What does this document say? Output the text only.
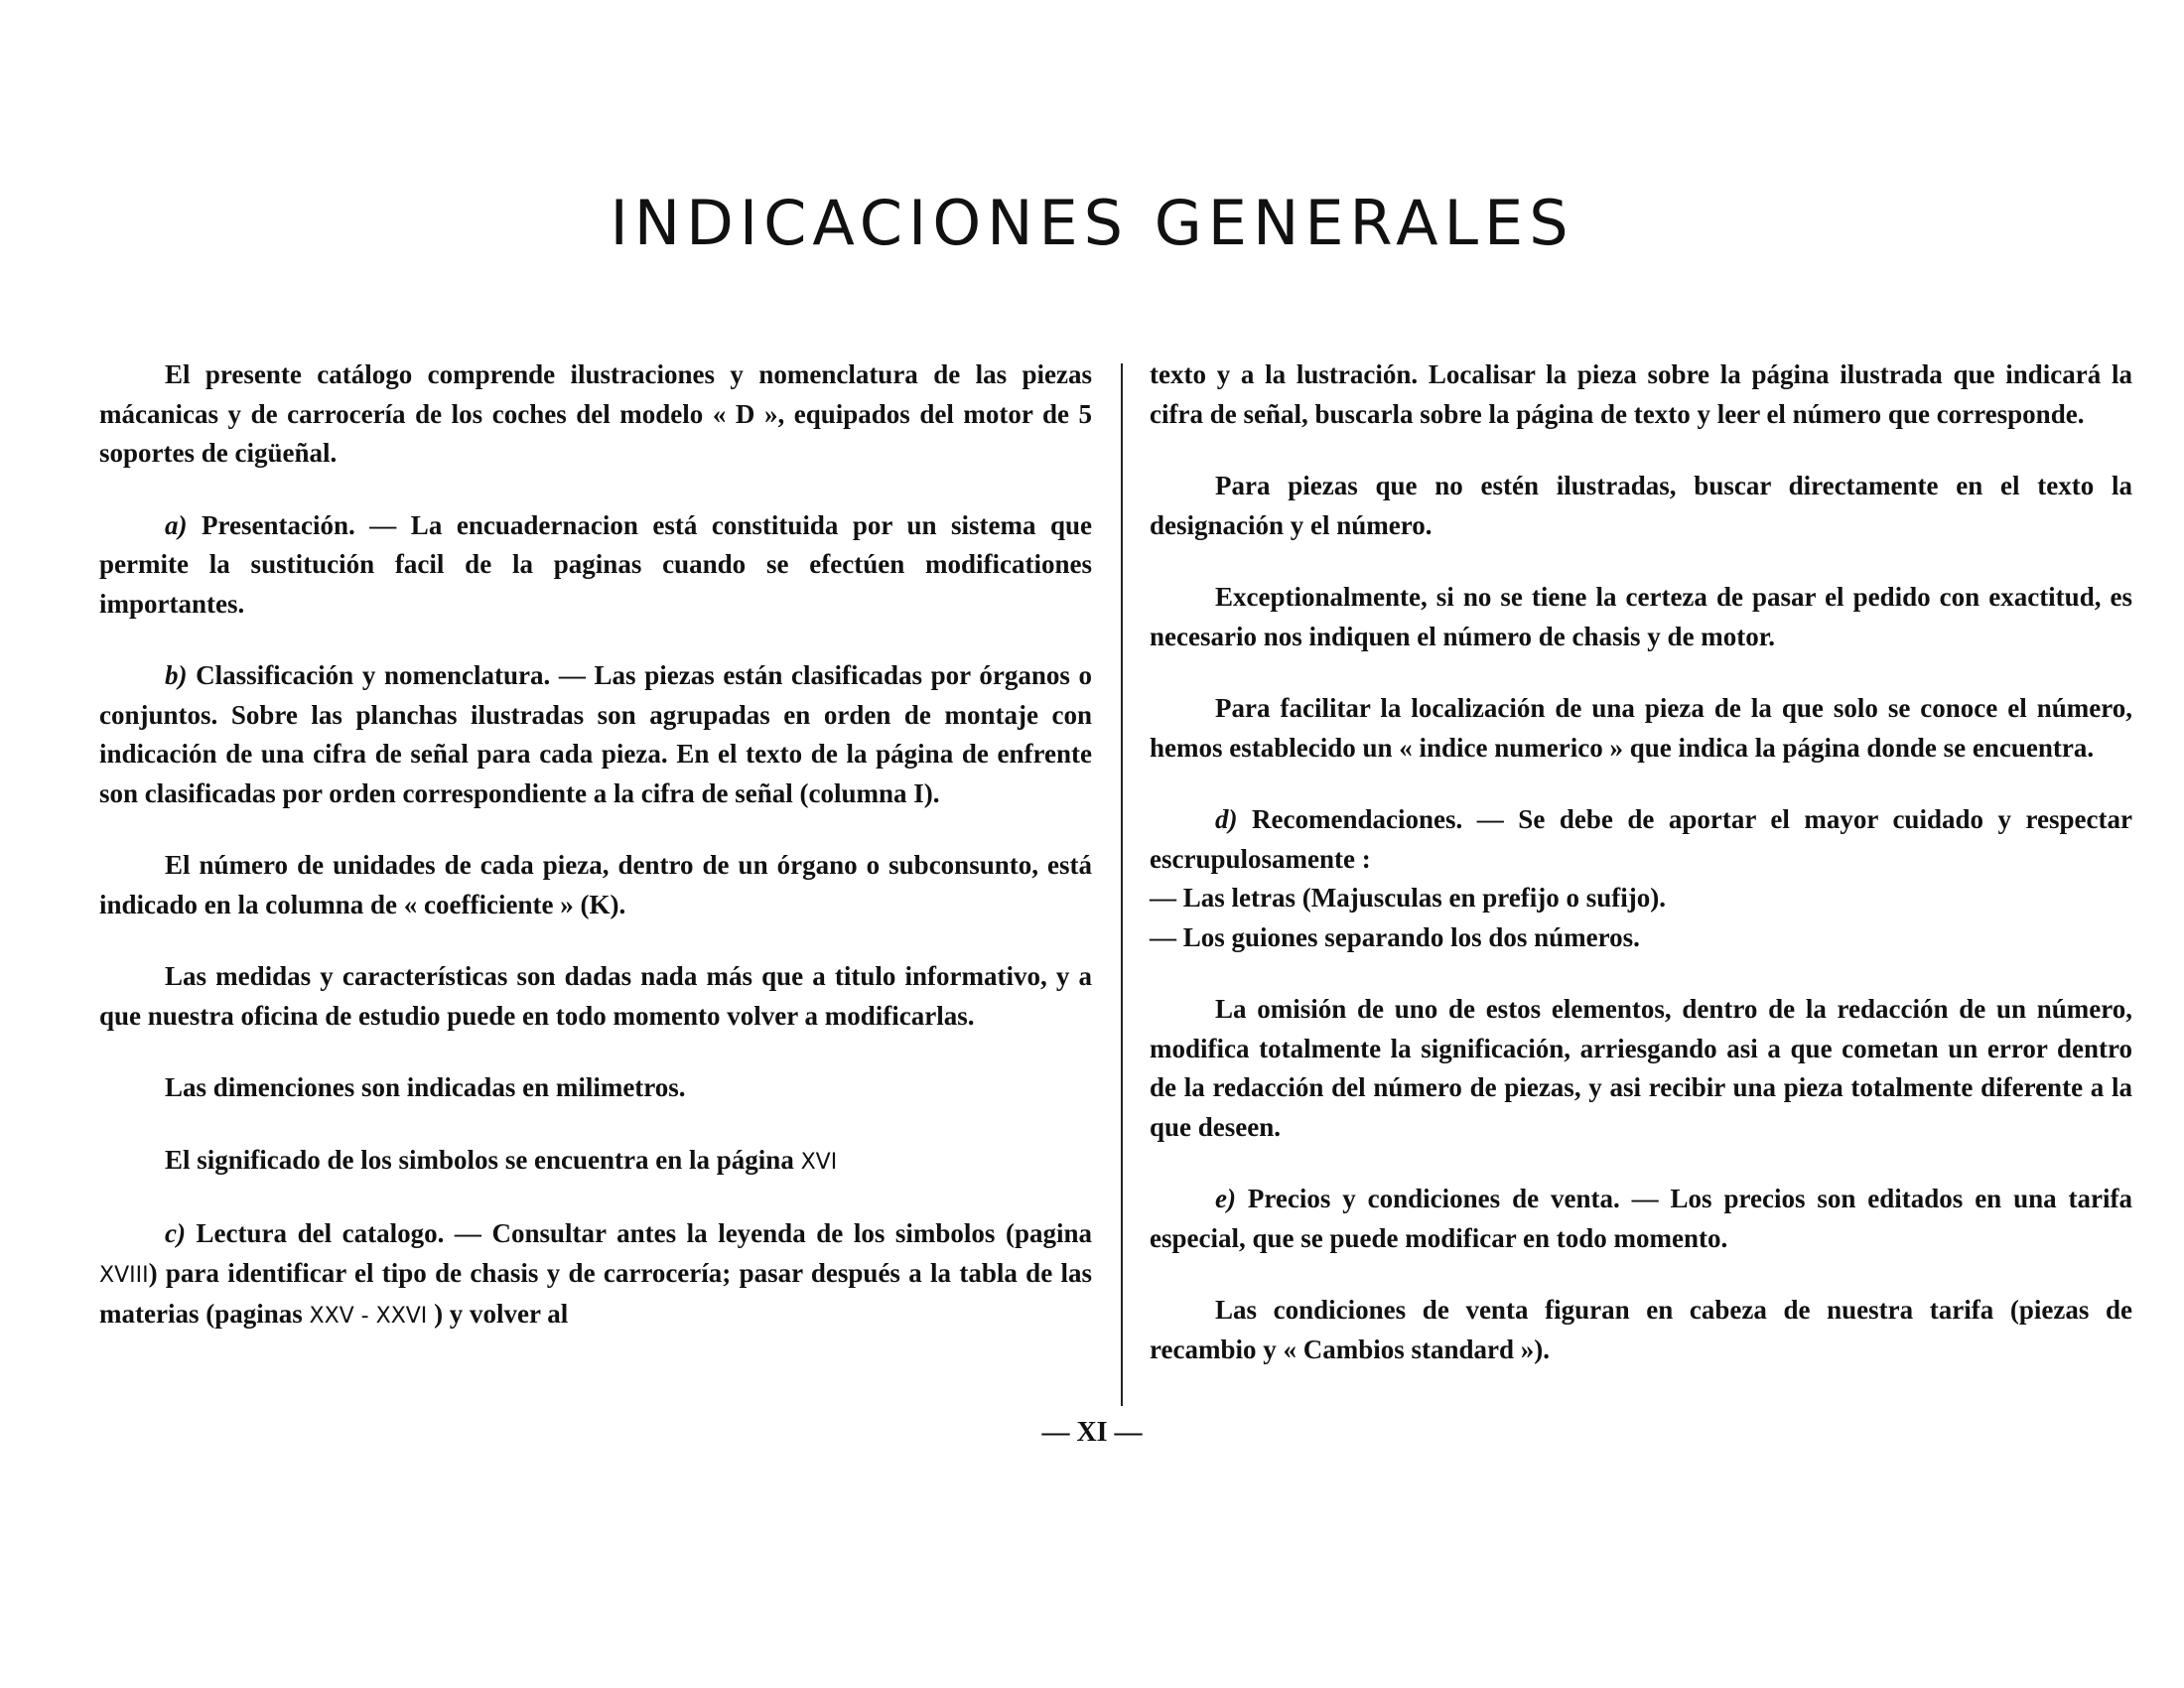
INDICACIONES GENERALES

El presente catálogo comprende ilustraciones y nomenclatura de las piezas mácanicas y de carrocería de los coches del modelo « D », equipados del motor de 5 soportes de cigüeñal.

a) Presentación. — La encuadernacion está constituida por un sistema que permite la sustitución facil de la paginas cuando se efectúen modificationes importantes.

b) Classificación y nomenclatura. — Las piezas están clasificadas por órganos o conjuntos. Sobre las planchas ilustradas son agrupadas en orden de montaje con indicación de una cifra de señal para cada pieza. En el texto de la página de enfrente son clasificadas por orden correspondiente a la cifra de señal (columna I).

El número de unidades de cada pieza, dentro de un órgano o subconsunto, está indicado en la columna de « coefficiente » (K).

Las medidas y características son dadas nada más que a titulo informativo, y a que nuestra oficina de estudio puede en todo momento volver a modificarlas.

Las dimenciones son indicadas en milimetros.

El significado de los simbolos se encuentra en la página XVI

c) Lectura del catalogo. — Consultar antes la leyenda de los simbolos (pagina XVIII) para identificar el tipo de chasis y de carrocería; pasar después a la tabla de las materias (paginas XXV - XXVI ) y volver al

texto y a la lustración. Localisar la pieza sobre la página ilustrada que indicará la cifra de señal, buscarla sobre la página de texto y leer el número que corresponde.

Para piezas que no estén ilustradas, buscar directamente en el texto la designación y el número.

Exceptionalmente, si no se tiene la certeza de pasar el pedido con exactitud, es necesario nos indiquen el número de chasis y de motor.

Para facilitar la localización de una pieza de la que solo se conoce el número, hemos establecido un « indice numerico » que indica la página donde se encuentra.

d) Recomendaciones. — Se debe de aportar el mayor cuidado y respectar escrupulosamente :

— Las letras (Majusculas en prefijo o sufijo).

— Los guiones separando los dos números.

La omisión de uno de estos elementos, dentro de la redacción de un número, modifica totalmente la significación, arriesgando asi a que cometan un error dentro de la redacción del número de piezas, y asi recibir una pieza totalmente diferente a la que deseen.

e) Precios y condiciones de venta. — Los precios son editados en una tarifa especial, que se puede modificar en todo momento.

Las condiciones de venta figuran en cabeza de nuestra tarifa (piezas de recambio y « Cambios standard »).

— XI —
